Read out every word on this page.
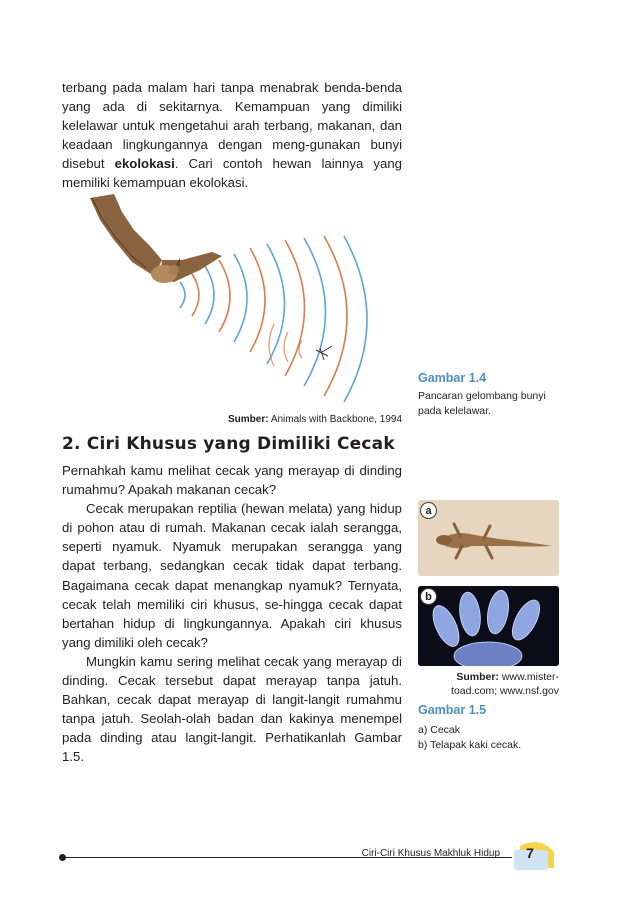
terbang pada malam hari tanpa menabrak benda-benda yang ada di sekitarnya. Kemampuan yang dimiliki kelelawar untuk mengetahui arah terbang, makanan, dan keadaan lingkungannya dengan meng-gunakan bunyi disebut ekolokasi. Cari contoh hewan lainnya yang memiliki kemampuan ekolokasi.

Sumber: Animals with Backbone, 1994

Gambar 1.4

Pancaran gelombang bunyi pada kelelawar.

2. Ciri Khusus yang Dimiliki Cecak

Pernahkah kamu melihat cecak yang merayap di dinding rumahmu? Apakah makanan cecak?

Cecak merupakan reptilia (hewan melata) yang hidup di pohon atau di rumah. Makanan cecak ialah serangga, seperti nyamuk. Nyamuk merupakan serangga yang dapat terbang, sedangkan cecak tidak dapat terbang. Bagaimana cecak dapat menangkap nyamuk? Ternyata, cecak telah memiliki ciri khusus, se-hingga cecak dapat bertahan hidup di lingkungannya. Apakah ciri khusus yang dimiliki oleh cecak?

Mungkin kamu sering melihat cecak yang merayap di dinding. Cecak tersebut dapat merayap tanpa jatuh. Bahkan, cecak dapat merayap di langit-langit rumahmu tanpa jatuh. Seolah-olah badan dan kakinya menempel pada dinding atau langit-langit. Perhatikanlah Gambar 1.5.

a
b
Sumber: www.mister-toad.com; www.nsf.gov

Gambar 1.5

a) Cecak
b) Telapak kaki cecak.
Ciri-Ciri Khusus Makhluk Hidup	7
